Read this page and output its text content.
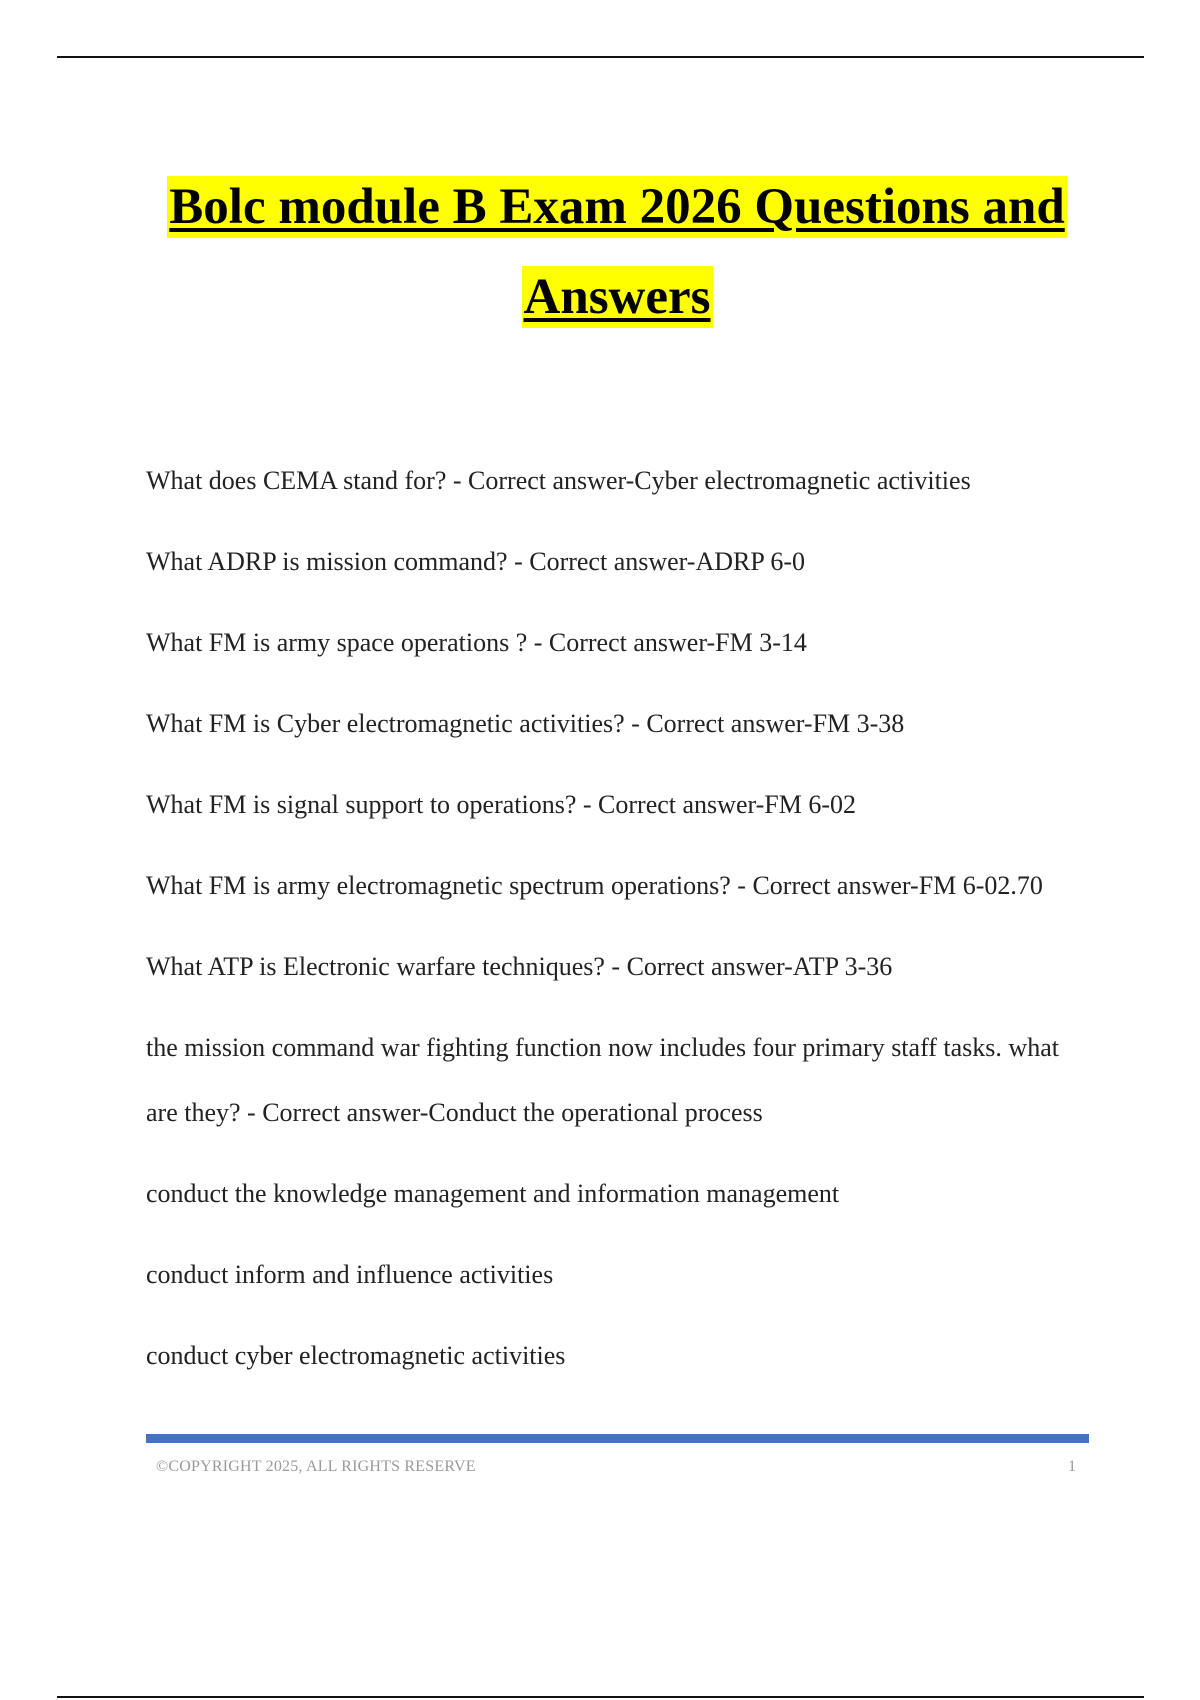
Bolc module B Exam 2026 Questions and
Answers

What does CEMA stand for? - Correct answer-Cyber electromagnetic activities

What ADRP is mission command? - Correct answer-ADRP 6-0

What FM is army space operations ? - Correct answer-FM 3-14

What FM is Cyber electromagnetic activities? - Correct answer-FM 3-38

What FM is signal support to operations? - Correct answer-FM 6-02

What FM is army electromagnetic spectrum operations? - Correct answer-FM 6-02.70

What ATP is Electronic warfare techniques? - Correct answer-ATP 3-36

the mission command war fighting function now includes four primary staff tasks. what are they? - Correct answer-Conduct the operational process

conduct the knowledge management and information management

conduct inform and influence activities

conduct cyber electromagnetic activities

©COPYRIGHT 2025, ALL RIGHTS RESERVE	1
